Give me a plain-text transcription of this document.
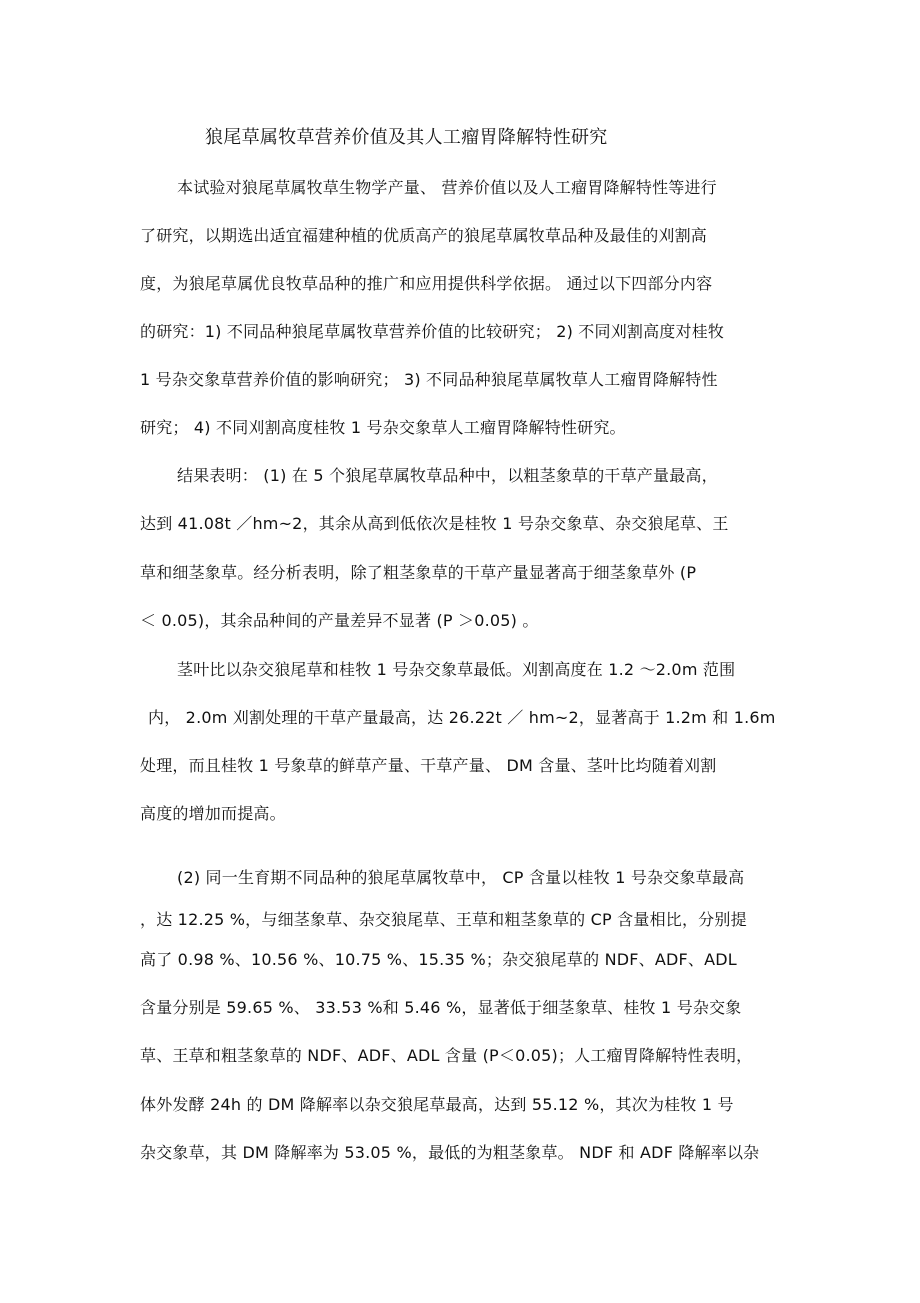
狼尾草属牧草营养价值及其人工瘤胃降解特性研究
本试验对狼尾草属牧草生物学产量、 营养价值以及人工瘤胃降解特性等进行
了研究，以期选出适宜福建种植的优质高产的狼尾草属牧草品种及最佳的刈割高
度，为狼尾草属优良牧草品种的推广和应用提供科学依据。 通过以下四部分内容
的研究：1) 不同品种狼尾草属牧草营养价值的比较研究； 2) 不同刈割高度对桂牧
1 号杂交象草营养价值的影响研究； 3) 不同品种狼尾草属牧草人工瘤胃降解特性
研究； 4) 不同刈割高度桂牧 1 号杂交象草人工瘤胃降解特性研究。
结果表明： (1) 在 5 个狼尾草属牧草品种中，以粗茎象草的干草产量最高，
达到 41.08t ／hm~2，其余从高到低依次是桂牧 1 号杂交象草、杂交狼尾草、王
草和细茎象草。经分析表明，除了粗茎象草的干草产量显著高于细茎象草外 (P
＜ 0.05)，其余品种间的产量差异不显著 (P ＞0.05) 。
茎叶比以杂交狼尾草和桂牧 1 号杂交象草最低。刈割高度在 1.2 ～2.0m 范围
内， 2.0m 刈割处理的干草产量最高，达 26.22t ／ hm~2，显著高于 1.2m 和 1.6m
处理，而且桂牧 1 号象草的鲜草产量、干草产量、 DM 含量、茎叶比均随着刈割
高度的增加而提高。
(2) 同一生育期不同品种的狼尾草属牧草中， CP 含量以桂牧 1 号杂交象草最高
，达 12.25 %，与细茎象草、杂交狼尾草、王草和粗茎象草的 CP 含量相比，分别提
高了 0.98 %、10.56 %、10.75 %、15.35 %；杂交狼尾草的 NDF、ADF、ADL
含量分别是 59.65 %、 33.53 %和 5.46 %，显著低于细茎象草、桂牧 1 号杂交象
草、王草和粗茎象草的 NDF、ADF、ADL 含量 (P＜0.05)；人工瘤胃降解特性表明，
体外发酵 24h 的 DM 降解率以杂交狼尾草最高，达到 55.12 %，其次为桂牧 1 号
杂交象草，其 DM 降解率为 53.05 %，最低的为粗茎象草。 NDF 和 ADF 降解率以杂
